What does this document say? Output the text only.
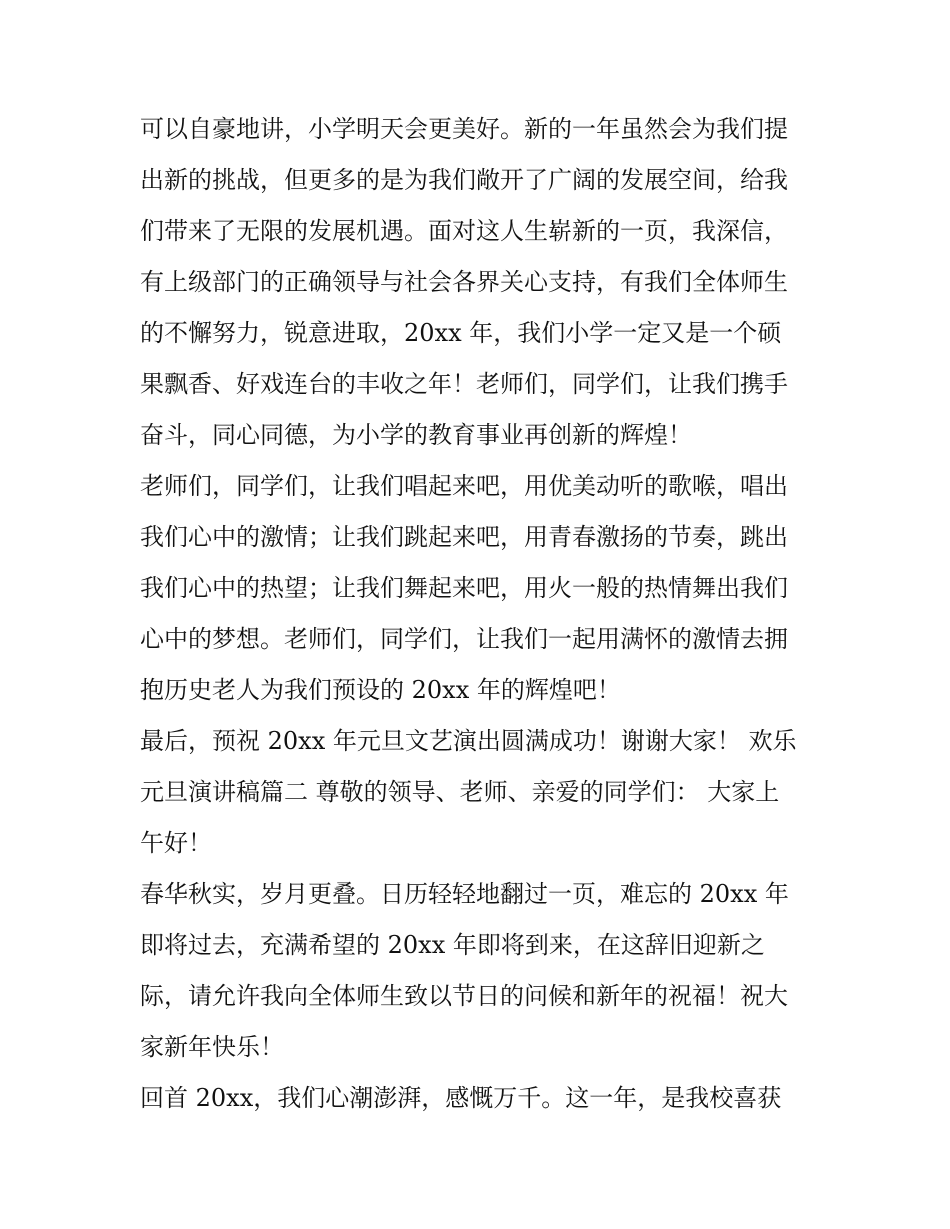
可以自豪地讲，小学明天会更美好。新的一年虽然会为我们提
出新的挑战，但更多的是为我们敞开了广阔的发展空间，给我
们带来了无限的发展机遇。面对这人生崭新的一页，我深信，
有上级部门的正确领导与社会各界关心支持，有我们全体师生
的不懈努力，锐意进取，20xx 年，我们小学一定又是一个硕
果飘香、好戏连台的丰收之年！老师们，同学们，让我们携手
奋斗，同心同德，为小学的教育事业再创新的辉煌！
老师们，同学们，让我们唱起来吧，用优美动听的歌喉，唱出
我们心中的激情；让我们跳起来吧，用青春激扬的节奏，跳出
我们心中的热望；让我们舞起来吧，用火一般的热情舞出我们
心中的梦想。老师们，同学们，让我们一起用满怀的激情去拥
抱历史老人为我们预设的 20xx 年的辉煌吧！
最后，预祝 20xx 年元旦文艺演出圆满成功！谢谢大家！ 欢乐
元旦演讲稿篇二 尊敬的领导、老师、亲爱的同学们： 大家上
午好！
春华秋实，岁月更叠。日历轻轻地翻过一页，难忘的 20xx 年
即将过去，充满希望的 20xx 年即将到来，在这辞旧迎新之
际，请允许我向全体师生致以节日的问候和新年的祝福！祝大
家新年快乐！
回首 20xx，我们心潮澎湃，感慨万千。这一年，是我校喜获
